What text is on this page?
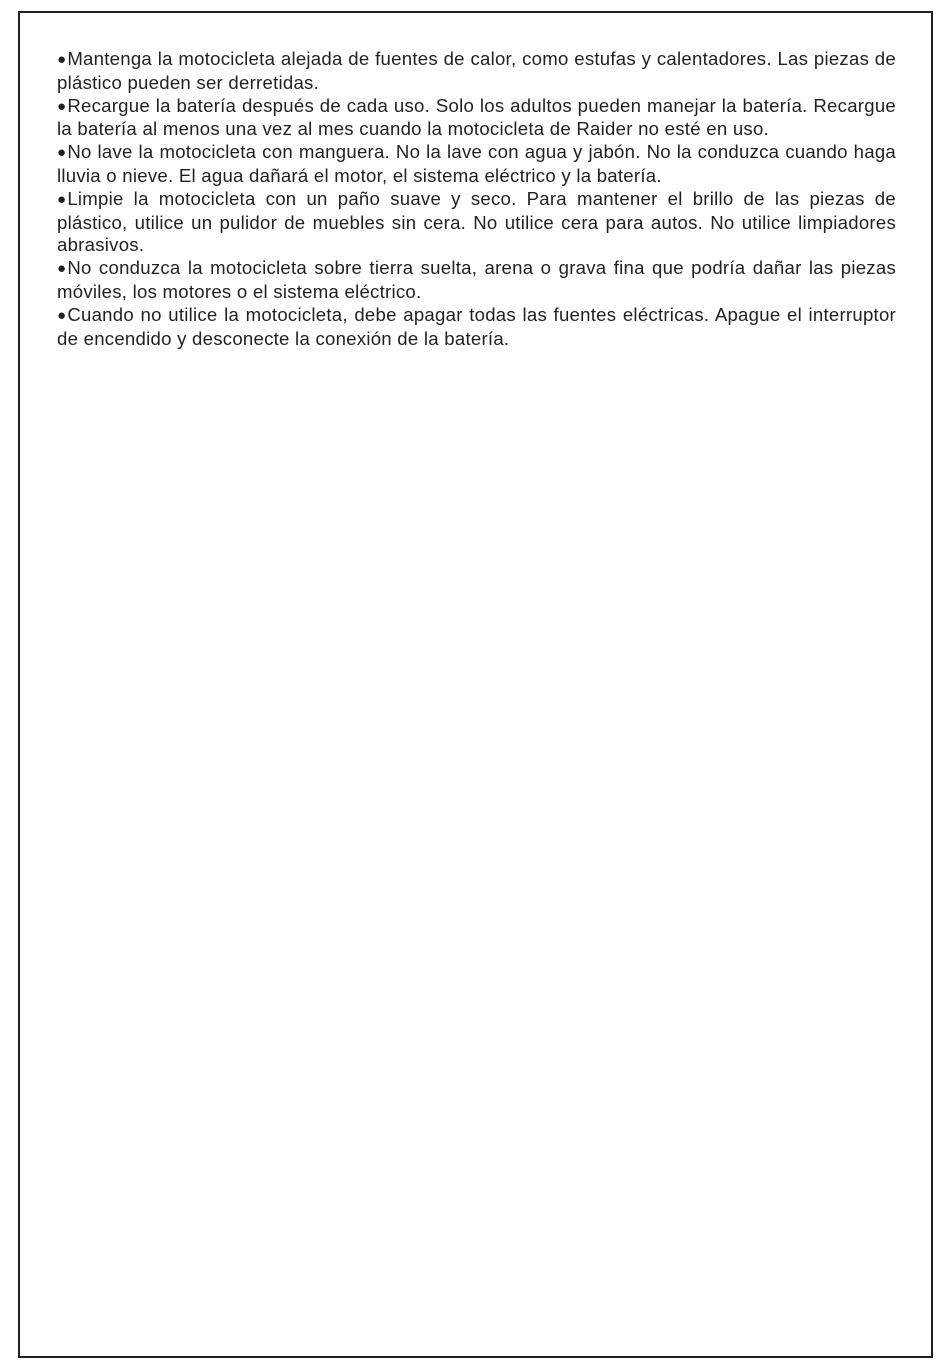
●Mantenga la motocicleta alejada de fuentes de calor, como estufas y calentadores. Las piezas de plástico pueden ser derretidas.
●Recargue la batería después de cada uso. Solo los adultos pueden manejar la batería. Recargue la batería al menos una vez al mes cuando la motocicleta de Raider no esté en uso.
●No lave la motocicleta con manguera. No la lave con agua y jabón. No la conduzca cuando haga lluvia o nieve. El agua dañará el motor, el sistema eléctrico y la batería.
●Limpie la motocicleta con un paño suave y seco. Para mantener el brillo de las piezas de plástico, utilice un pulidor de muebles sin cera. No utilice cera para autos. No utilice limpiadores abrasivos.
●No conduzca la motocicleta sobre tierra suelta, arena o grava fina que podría dañar las piezas móviles, los motores o el sistema eléctrico.
●Cuando no utilice la motocicleta, debe apagar todas las fuentes eléctricas. Apague el interruptor de encendido y desconecte la conexión de la batería.
